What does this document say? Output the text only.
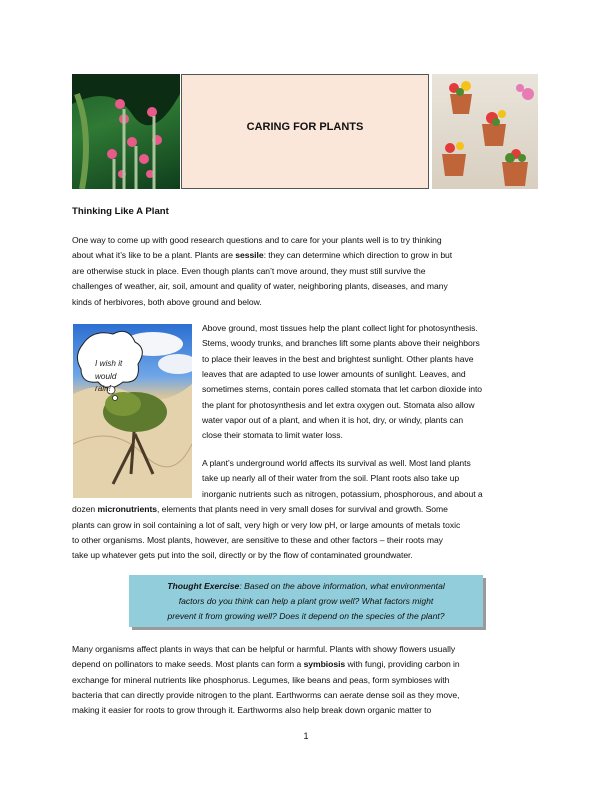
CARING FOR PLANTS
Thinking Like A Plant
One way to come up with good research questions and to care for your plants well is to try thinking
about what it’s like to be a plant. Plants are sessile: they can determine which direction to grow in but
are otherwise stuck in place. Even though plants can’t move around, they must still survive the
challenges of weather, air, soil, amount and quality of water, neighboring plants, diseases, and many
kinds of herbivores, both above ground and below.
I wish it
would
rain!
Above ground, most tissues help the plant collect light for photosynthesis.
Stems, woody trunks, and branches lift some plants above their neighbors
to place their leaves in the best and brightest sunlight. Other plants have
leaves that are adapted to use lower amounts of sunlight. Leaves, and
sometimes stems, contain pores called stomata that let carbon dioxide into
the plant for photosynthesis and let extra oxygen out. Stomata also allow
water vapor out of a plant, and when it is hot, dry, or windy, plants can
close their stomata to limit water loss.
A plant’s underground world affects its survival as well. Most land plants
take up nearly all of their water from the soil. Plant roots also take up
inorganic nutrients such as nitrogen, potassium, phosphorous, and about a
dozen micronutrients, elements that plants need in very small doses for survival and growth. Some
plants can grow in soil containing a lot of salt, very high or very low pH, or large amounts of metals toxic
to other organisms. Most plants, however, are sensitive to these and other factors – their roots may
take up whatever gets put into the soil, directly or by the flow of contaminated groundwater.
Thought Exercise: Based on the above information, what environmental
factors do you think can help a plant grow well? What factors might
prevent it from growing well? Does it depend on the species of the plant?
Many organisms affect plants in ways that can be helpful or harmful. Plants with showy flowers usually
depend on pollinators to make seeds. Most plants can form a symbiosis with fungi, providing carbon in
exchange for mineral nutrients like phosphorus. Legumes, like beans and peas, form symbioses with
bacteria that can directly provide nitrogen to the plant. Earthworms can aerate dense soil as they move,
making it easier for roots to grow through it. Earthworms also help break down organic matter to
1
